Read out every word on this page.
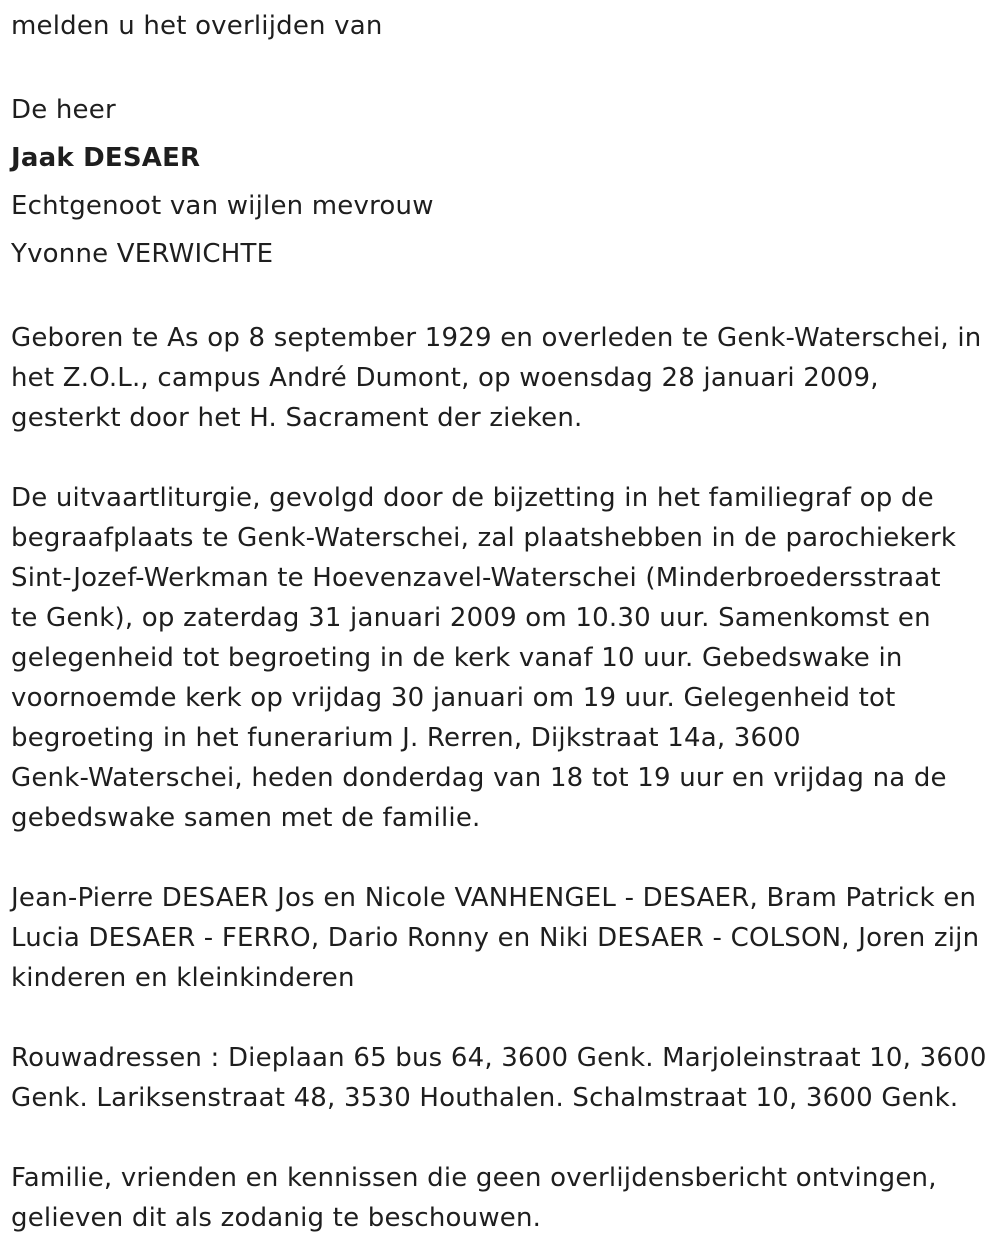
melden u het overlijden van

De heer

Jaak DESAER

Echtgenoot van wijlen mevrouw

Yvonne VERWICHTE

Geboren te As op 8 september 1929 en overleden te Genk-Waterschei, in

het Z.O.L., campus André Dumont, op woensdag 28 januari 2009,

gesterkt door het H. Sacrament der zieken.

De uitvaartliturgie, gevolgd door de bijzetting in het familiegraf op de

begraafplaats te Genk-Waterschei, zal plaatshebben in de parochiekerk

Sint-Jozef-Werkman te Hoevenzavel-Waterschei (Minderbroedersstraat

te Genk), op zaterdag 31 januari 2009 om 10.30 uur. Samenkomst en

gelegenheid tot begroeting in de kerk vanaf 10 uur. Gebedswake in

voornoemde kerk op vrijdag 30 januari om 19 uur. Gelegenheid tot

begroeting in het funerarium J. Rerren, Dijkstraat 14a, 3600

Genk-Waterschei, heden donderdag van 18 tot 19 uur en vrijdag na de

gebedswake samen met de familie.

Jean-Pierre DESAER Jos en Nicole VANHENGEL - DESAER, Bram Patrick en

Lucia DESAER - FERRO, Dario Ronny en Niki DESAER - COLSON, Joren zijn

kinderen en kleinkinderen

Rouwadressen : Dieplaan 65 bus 64, 3600 Genk. Marjoleinstraat 10, 3600

Genk. Lariksenstraat 48, 3530 Houthalen. Schalmstraat 10, 3600 Genk.

Familie, vrienden en kennissen die geen overlijdensbericht ontvingen,

gelieven dit als zodanig te beschouwen.
